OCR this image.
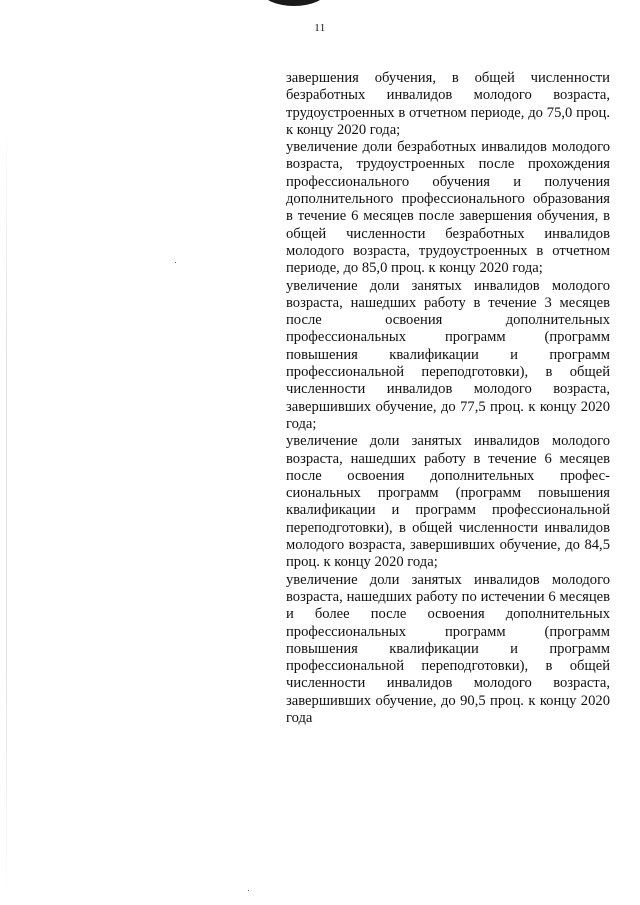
11

завершения обучения, в общей численности безработных инвалидов молодого возраста, трудоустроенных в отчетном периоде, до 75,0 проц. к концу 2020 года;

увеличение доли безработных инвалидов молодого возраста, трудоустроенных после прохождения профессионального обучения и получения дополнительного профессионального образования в течение 6 месяцев после завершения обучения, в общей численности безработных инвалидов молодого возраста, трудоустроенных в отчетном периоде, до 85,0 проц. к концу 2020 года;

увеличение доли занятых инвалидов молодого возраста, нашедших работу в течение 3 месяцев после освоения дополнительных профессиональных программ (программ повышения квалификации и программ профессиональной переподготовки), в общей численности инвалидов молодого возраста, завершивших обучение, до 77,5 проц. к концу 2020 года;

увеличение доли занятых инвалидов молодого возраста, нашедших работу в течение 6 месяцев после освоения дополнительных профессиональных программ (программ повышения квалификации и программ профессиональной переподготовки), в общей численности инвалидов молодого возраста, завершивших обучение, до 84,5 проц. к концу 2020 года;

увеличение доли занятых инвалидов молодого возраста, нашедших работу по истечении 6 месяцев и более после освоения дополнительных профессиональных программ (программ повышения квалификации и программ профессиональной переподготовки), в общей численности инвалидов молодого возраста, завершивших обучение, до 90,5 проц. к концу 2020 года
